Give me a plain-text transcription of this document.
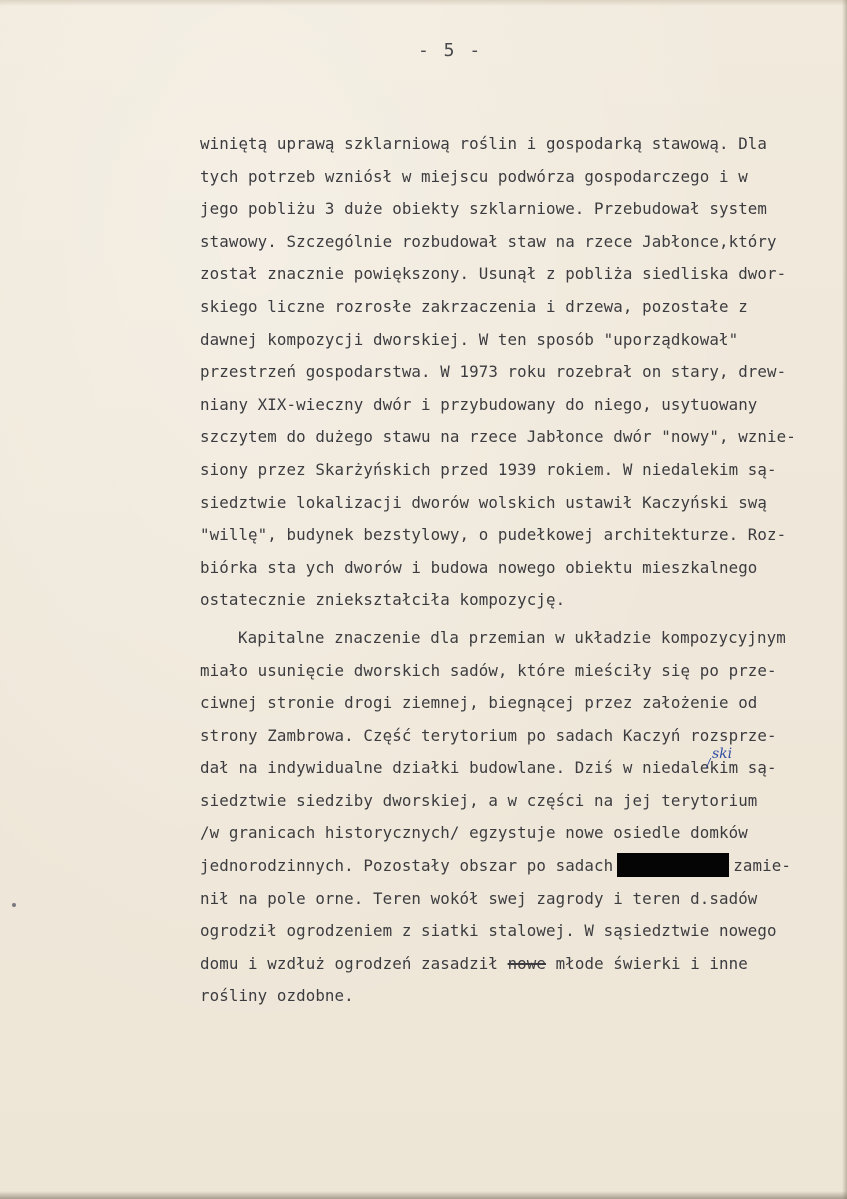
- 5 -
winiętą uprawą szklarniową roślin i gospodarką stawową. Dla
tych potrzeb wzniósł w miejscu podwórza gospodarczego i w
jego pobliżu 3 duże obiekty szklarniowe. Przebudował system
stawowy. Szczególnie rozbudował staw na rzece Jabłonce,który
został znacznie powiększony. Usunął z pobliża siedliska dwor-
skiego liczne rozrosłe zakrzaczenia i drzewa, pozostałe z
dawnej kompozycji dworskiej. W ten sposób "uporządkował"
przestrzeń gospodarstwa. W 1973 roku rozebrał on stary, drew-
niany XIX-wieczny dwór i przybudowany do niego, usytuowany
szczytem do dużego stawu na rzece Jabłonce dwór "nowy", wznie-
siony przez Skarżyńskich przed 1939 rokiem. W niedalekim są-
siedztwie lokalizacji dworów wolskich ustawił Kaczyński swą
"willę", budynek bezstylowy, o pudełkowej architekturze. Roz-
biórka sta ych dworów i budowa nowego obiektu mieszkalnego
ostatecznie zniekształciła kompozycję.
Kapitalne znaczenie dla przemian w układzie kompozycyjnym
miało usunięcie dworskich sadów, które mieściły się po prze-
ciwnej stronie drogi ziemnej, biegnącej przez założenie od
strony Zambrowa. Część terytorium po sadach Kaczyń rozsprze-
dał na indywidualne działki budowlane. Dziś w niedalekim są-
siedztwie siedziby dworskiej, a w części na jej terytorium
/w granicach historycznych/ egzystuje nowe osiedle domków
jednorodzinnych. Pozostały obszar po sadach	zamie-
nił na pole orne. Teren wokół swej zagrody i teren d.sadów
ogrodził ogrodzeniem z siatki stalowej. W sąsiedztwie nowego
domu i wzdłuż ogrodzeń zasadził nowe młode świerki i inne
rośliny ozdobne.
ski
